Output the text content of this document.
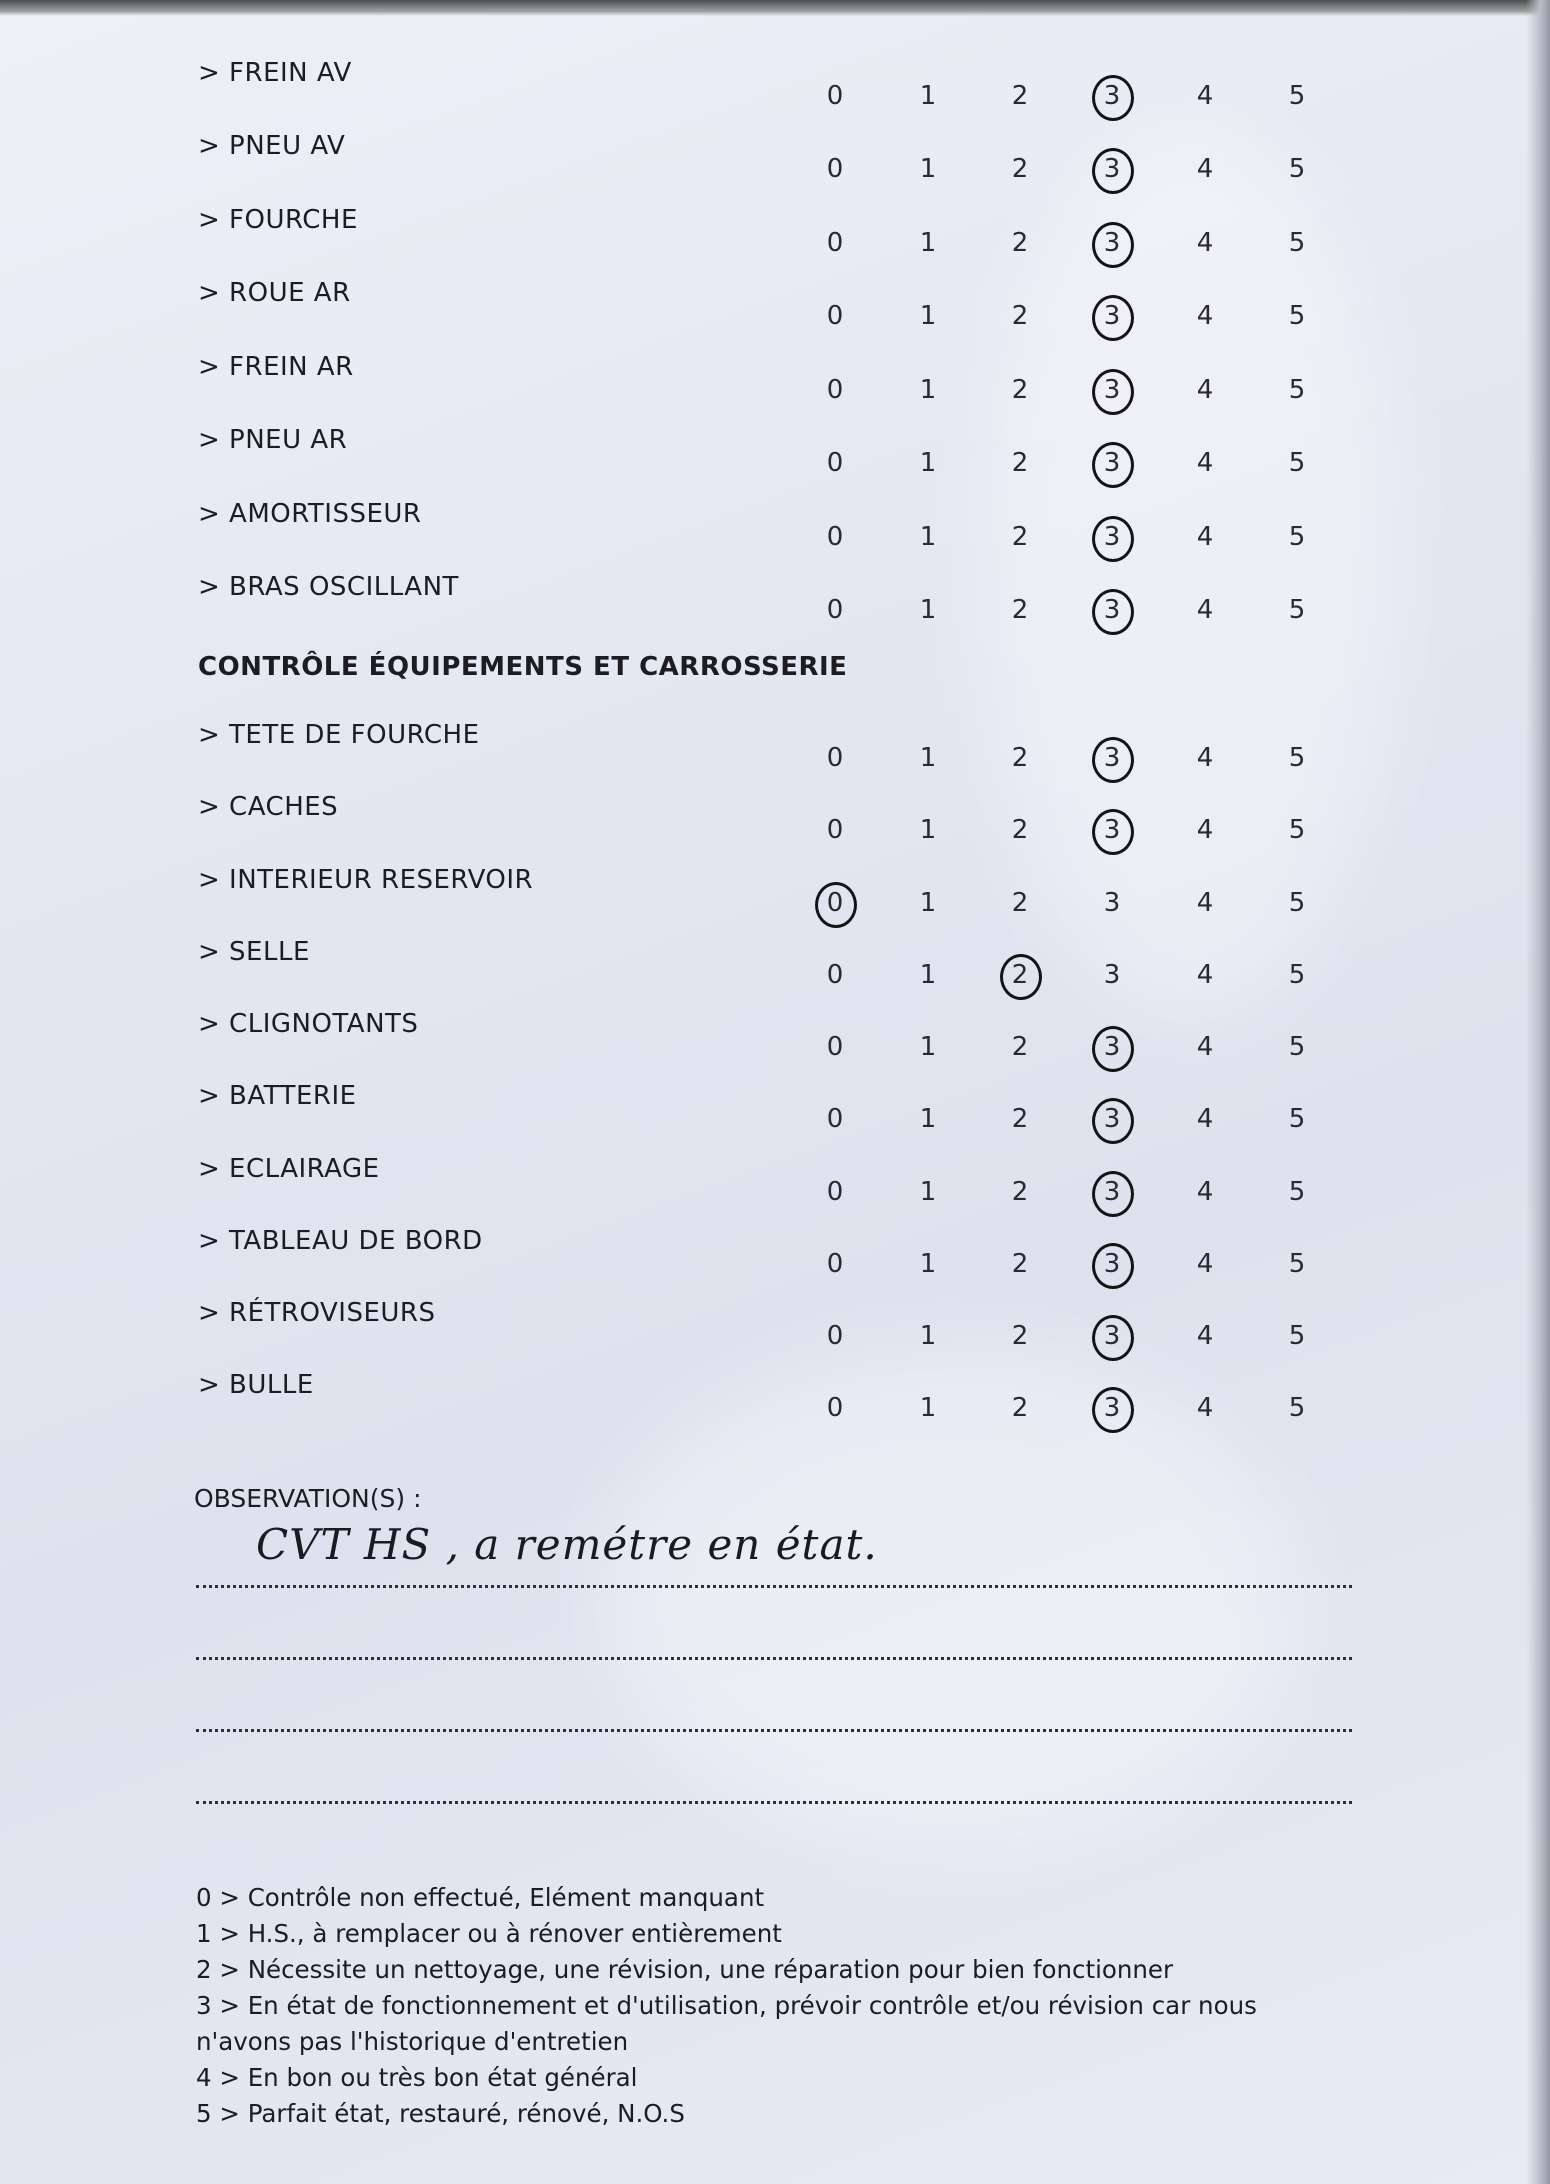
> FREIN AV
0	1	2	3	4	5
> PNEU AV
0	1	2	3	4	5
> FOURCHE
0	1	2	3	4	5
> ROUE AR
0	1	2	3	4	5
> FREIN AR
0	1	2	3	4	5
> PNEU AR
0	1	2	3	4	5
> AMORTISSEUR
0	1	2	3	4	5
> BRAS OSCILLANT
0	1	2	3	4	5
CONTRÔLE ÉQUIPEMENTS ET CARROSSERIE
> TETE DE FOURCHE
0	1	2	3	4	5
> CACHES
0	1	2	3	4	5
> INTERIEUR RESERVOIR
0	1	2	3	4	5
> SELLE
0	1	2	3	4	5
> CLIGNOTANTS
0	1	2	3	4	5
> BATTERIE
0	1	2	3	4	5
> ECLAIRAGE
0	1	2	3	4	5
> TABLEAU DE BORD
0	1	2	3	4	5
> RÉTROVISEURS
0	1	2	3	4	5
> BULLE
0	1	2	3	4	5
OBSERVATION(S) :
CVT HS , a remétre en état.
0 > Contrôle non effectué, Elément manquant
1 > H.S., à remplacer ou à rénover entièrement
2 > Nécessite un nettoyage, une révision, une réparation pour bien fonctionner
3 > En état de fonctionnement et d'utilisation, prévoir contrôle et/ou révision car nous n'avons pas l'historique d'entretien
4 > En bon ou très bon état général
5 > Parfait état, restauré, rénové, N.O.S
